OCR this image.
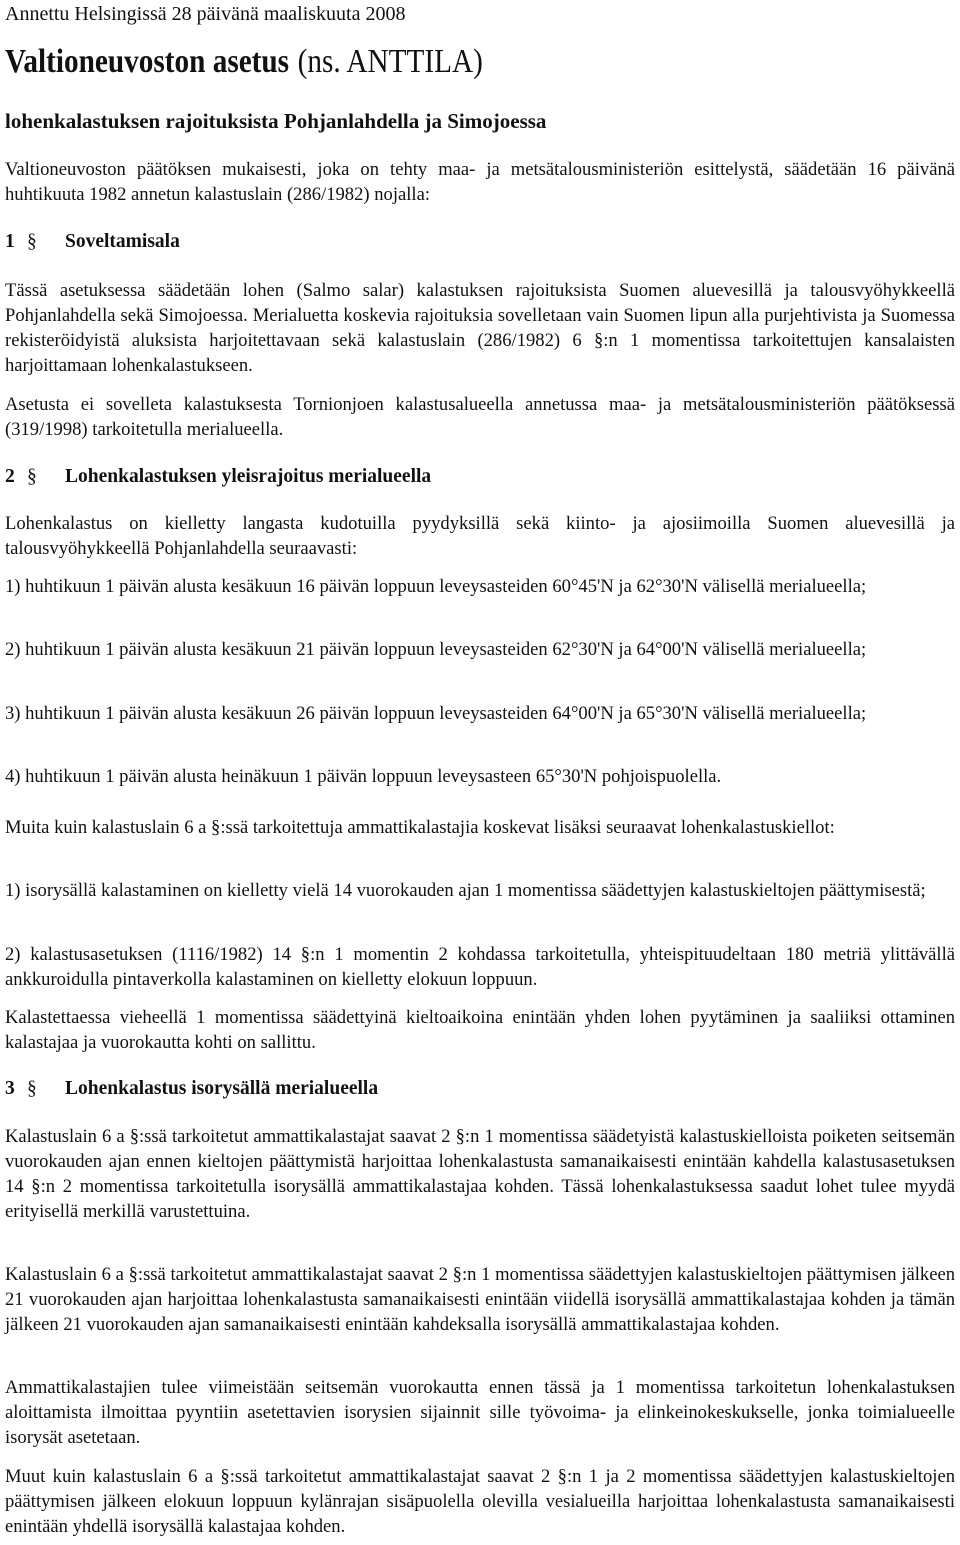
Annettu Helsingissä 28 päivänä maaliskuuta 2008

Valtioneuvoston asetus (ns. ANTTILA)
lohenkalastuksen rajoituksista Pohjanlahdella ja Simojoessa

Valtioneuvoston päätöksen mukaisesti, joka on tehty maa- ja metsätalousministeriön esittelystä, säädetään 16 päivänä huhtikuuta 1982 annetun kalastuslain (286/1982) nojalla:

1 § Soveltamisala

Tässä asetuksessa säädetään lohen (Salmo salar) kalastuksen rajoituksista Suomen aluevesillä ja talousvyöhykkeellä Pohjanlahdella sekä Simojoessa. Merialuetta koskevia rajoituksia sovelletaan vain Suomen lipun alla purjehtivista ja Suomessa rekisteröidyistä aluksista harjoitettavaan sekä kalastuslain (286/1982) 6 §:n 1 momentissa tarkoitettujen kansalaisten harjoittamaan lohenkalastukseen.

Asetusta ei sovelleta kalastuksesta Tornionjoen kalastusalueella annetussa maa- ja metsätalousministeriön päätöksessä (319/1998) tarkoitetulla merialueella.

2 § Lohenkalastuksen yleisrajoitus merialueella

Lohenkalastus on kielletty langasta kudotuilla pyydyksillä sekä kiinto- ja ajosiimoilla Suomen aluevesillä ja talousvyöhykkeellä Pohjanlahdella seuraavasti:

1) huhtikuun 1 päivän alusta kesäkuun 16 päivän loppuun leveysasteiden 60°45'N ja 62°30'N välisellä merialueella;

2) huhtikuun 1 päivän alusta kesäkuun 21 päivän loppuun leveysasteiden 62°30'N ja 64°00'N välisellä merialueella;

3) huhtikuun 1 päivän alusta kesäkuun 26 päivän loppuun leveysasteiden 64°00'N ja 65°30'N välisellä merialueella;

4) huhtikuun 1 päivän alusta heinäkuun 1 päivän loppuun leveysasteen 65°30'N pohjoispuolella.

Muita kuin kalastuslain 6 a §:ssä tarkoitettuja ammattikalastajia koskevat lisäksi seuraavat lohenkalastuskiellot:

1) isorysällä kalastaminen on kielletty vielä 14 vuorokauden ajan 1 momentissa säädettyjen kalastuskieltojen päättymisestä;

2) kalastusasetuksen (1116/1982) 14 §:n 1 momentin 2 kohdassa tarkoitetulla, yhteispituudeltaan 180 metriä ylittävällä ankkuroidulla pintaverkolla kalastaminen on kielletty elokuun loppuun.

Kalastettaessa vieheellä 1 momentissa säädettyinä kieltoaikoina enintään yhden lohen pyytäminen ja saaliiksi ottaminen kalastajaa ja vuorokautta kohti on sallittu.

3 § Lohenkalastus isorysällä merialueella

Kalastuslain 6 a §:ssä tarkoitetut ammattikalastajat saavat 2 §:n 1 momentissa säädetyistä kalastuskielloista poiketen seitsemän vuorokauden ajan ennen kieltojen päättymistä harjoittaa lohenkalastusta samanaikaisesti enintään kahdella kalastusasetuksen 14 §:n 2 momentissa tarkoitetulla isorysällä ammattikalastajaa kohden. Tässä lohenkalastuksessa saadut lohet tulee myydä erityisellä merkillä varustettuina.

Kalastuslain 6 a §:ssä tarkoitetut ammattikalastajat saavat 2 §:n 1 momentissa säädettyjen kalastuskieltojen päättymisen jälkeen 21 vuorokauden ajan harjoittaa lohenkalastusta samanaikaisesti enintään viidellä isorysällä ammattikalastajaa kohden ja tämän jälkeen 21 vuorokauden ajan samanaikaisesti enintään kahdeksalla isorysällä ammattikalastajaa kohden.

Ammattikalastajien tulee viimeistään seitsemän vuorokautta ennen tässä ja 1 momentissa tarkoitetun lohenkalastuksen aloittamista ilmoittaa pyyntiin asetettavien isorysien sijainnit sille työvoima- ja elinkeinokeskukselle, jonka toimialueelle isorysät asetetaan.

Muut kuin kalastuslain 6 a §:ssä tarkoitetut ammattikalastajat saavat 2 §:n 1 ja 2 momentissa säädettyjen kalastuskieltojen päättymisen jälkeen elokuun loppuun kylänrajan sisäpuolella olevilla vesialueilla harjoittaa lohenkalastusta samanaikaisesti enintään yhdellä isorysällä kalastajaa kohden.
